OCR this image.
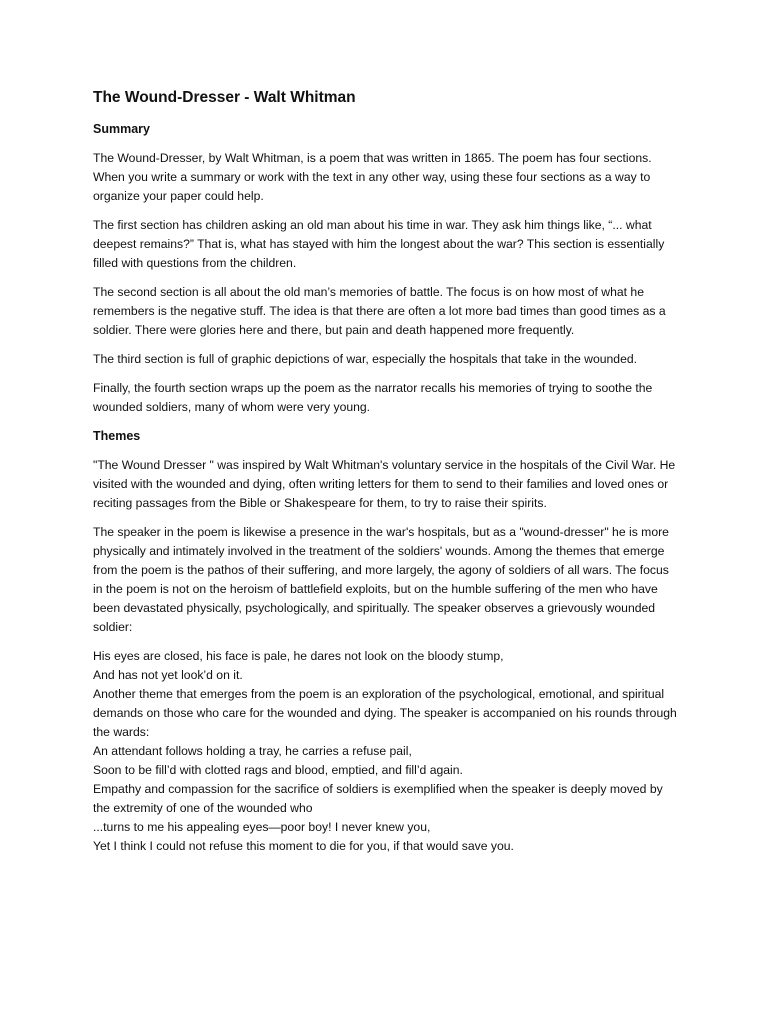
The Wound-Dresser - Walt Whitman
Summary

The Wound-Dresser, by Walt Whitman, is a poem that was written in 1865. The poem has four sections. When you write a summary or work with the text in any other way, using these four sections as a way to organize your paper could help.

The first section has children asking an old man about his time in war. They ask him things like, “... what deepest remains?” That is, what has stayed with him the longest about the war? This section is essentially filled with questions from the children.

The second section is all about the old man’s memories of battle. The focus is on how most of what he remembers is the negative stuff. The idea is that there are often a lot more bad times than good times as a soldier. There were glories here and there, but pain and death happened more frequently.

The third section is full of graphic depictions of war, especially the hospitals that take in the wounded.

Finally, the fourth section wraps up the poem as the narrator recalls his memories of trying to soothe the wounded soldiers, many of whom were very young.

Themes

"The Wound Dresser " was inspired by Walt Whitman's voluntary service in the hospitals of the Civil War. He visited with the wounded and dying, often writing letters for them to send to their families and loved ones or reciting passages from the Bible or Shakespeare for them, to try to raise their spirits.

The speaker in the poem is likewise a presence in the war's hospitals, but as a "wound-dresser" he is more physically and intimately involved in the treatment of the soldiers' wounds. Among the themes that emerge from the poem is the pathos of their suffering, and more largely, the agony of soldiers of all wars. The focus in the poem is not on the heroism of battlefield exploits, but on the humble suffering of the men who have been devastated physically, psychologically, and spiritually. The speaker observes a grievously wounded soldier:

His eyes are closed, his face is pale, he dares not look on the bloody stump,

And has not yet look’d on it.

Another theme that emerges from the poem is an exploration of the psychological, emotional, and spiritual demands on those who care for the wounded and dying. The speaker is accompanied on his rounds through the wards:

An attendant follows holding a tray, he carries a refuse pail,

Soon to be fill’d with clotted rags and blood, emptied, and fill’d again.

Empathy and compassion for the sacrifice of soldiers is exemplified when the speaker is deeply moved by the extremity of one of the wounded who

...turns to me his appealing eyes—poor boy! I never knew you,

Yet I think I could not refuse this moment to die for you, if that would save you.
